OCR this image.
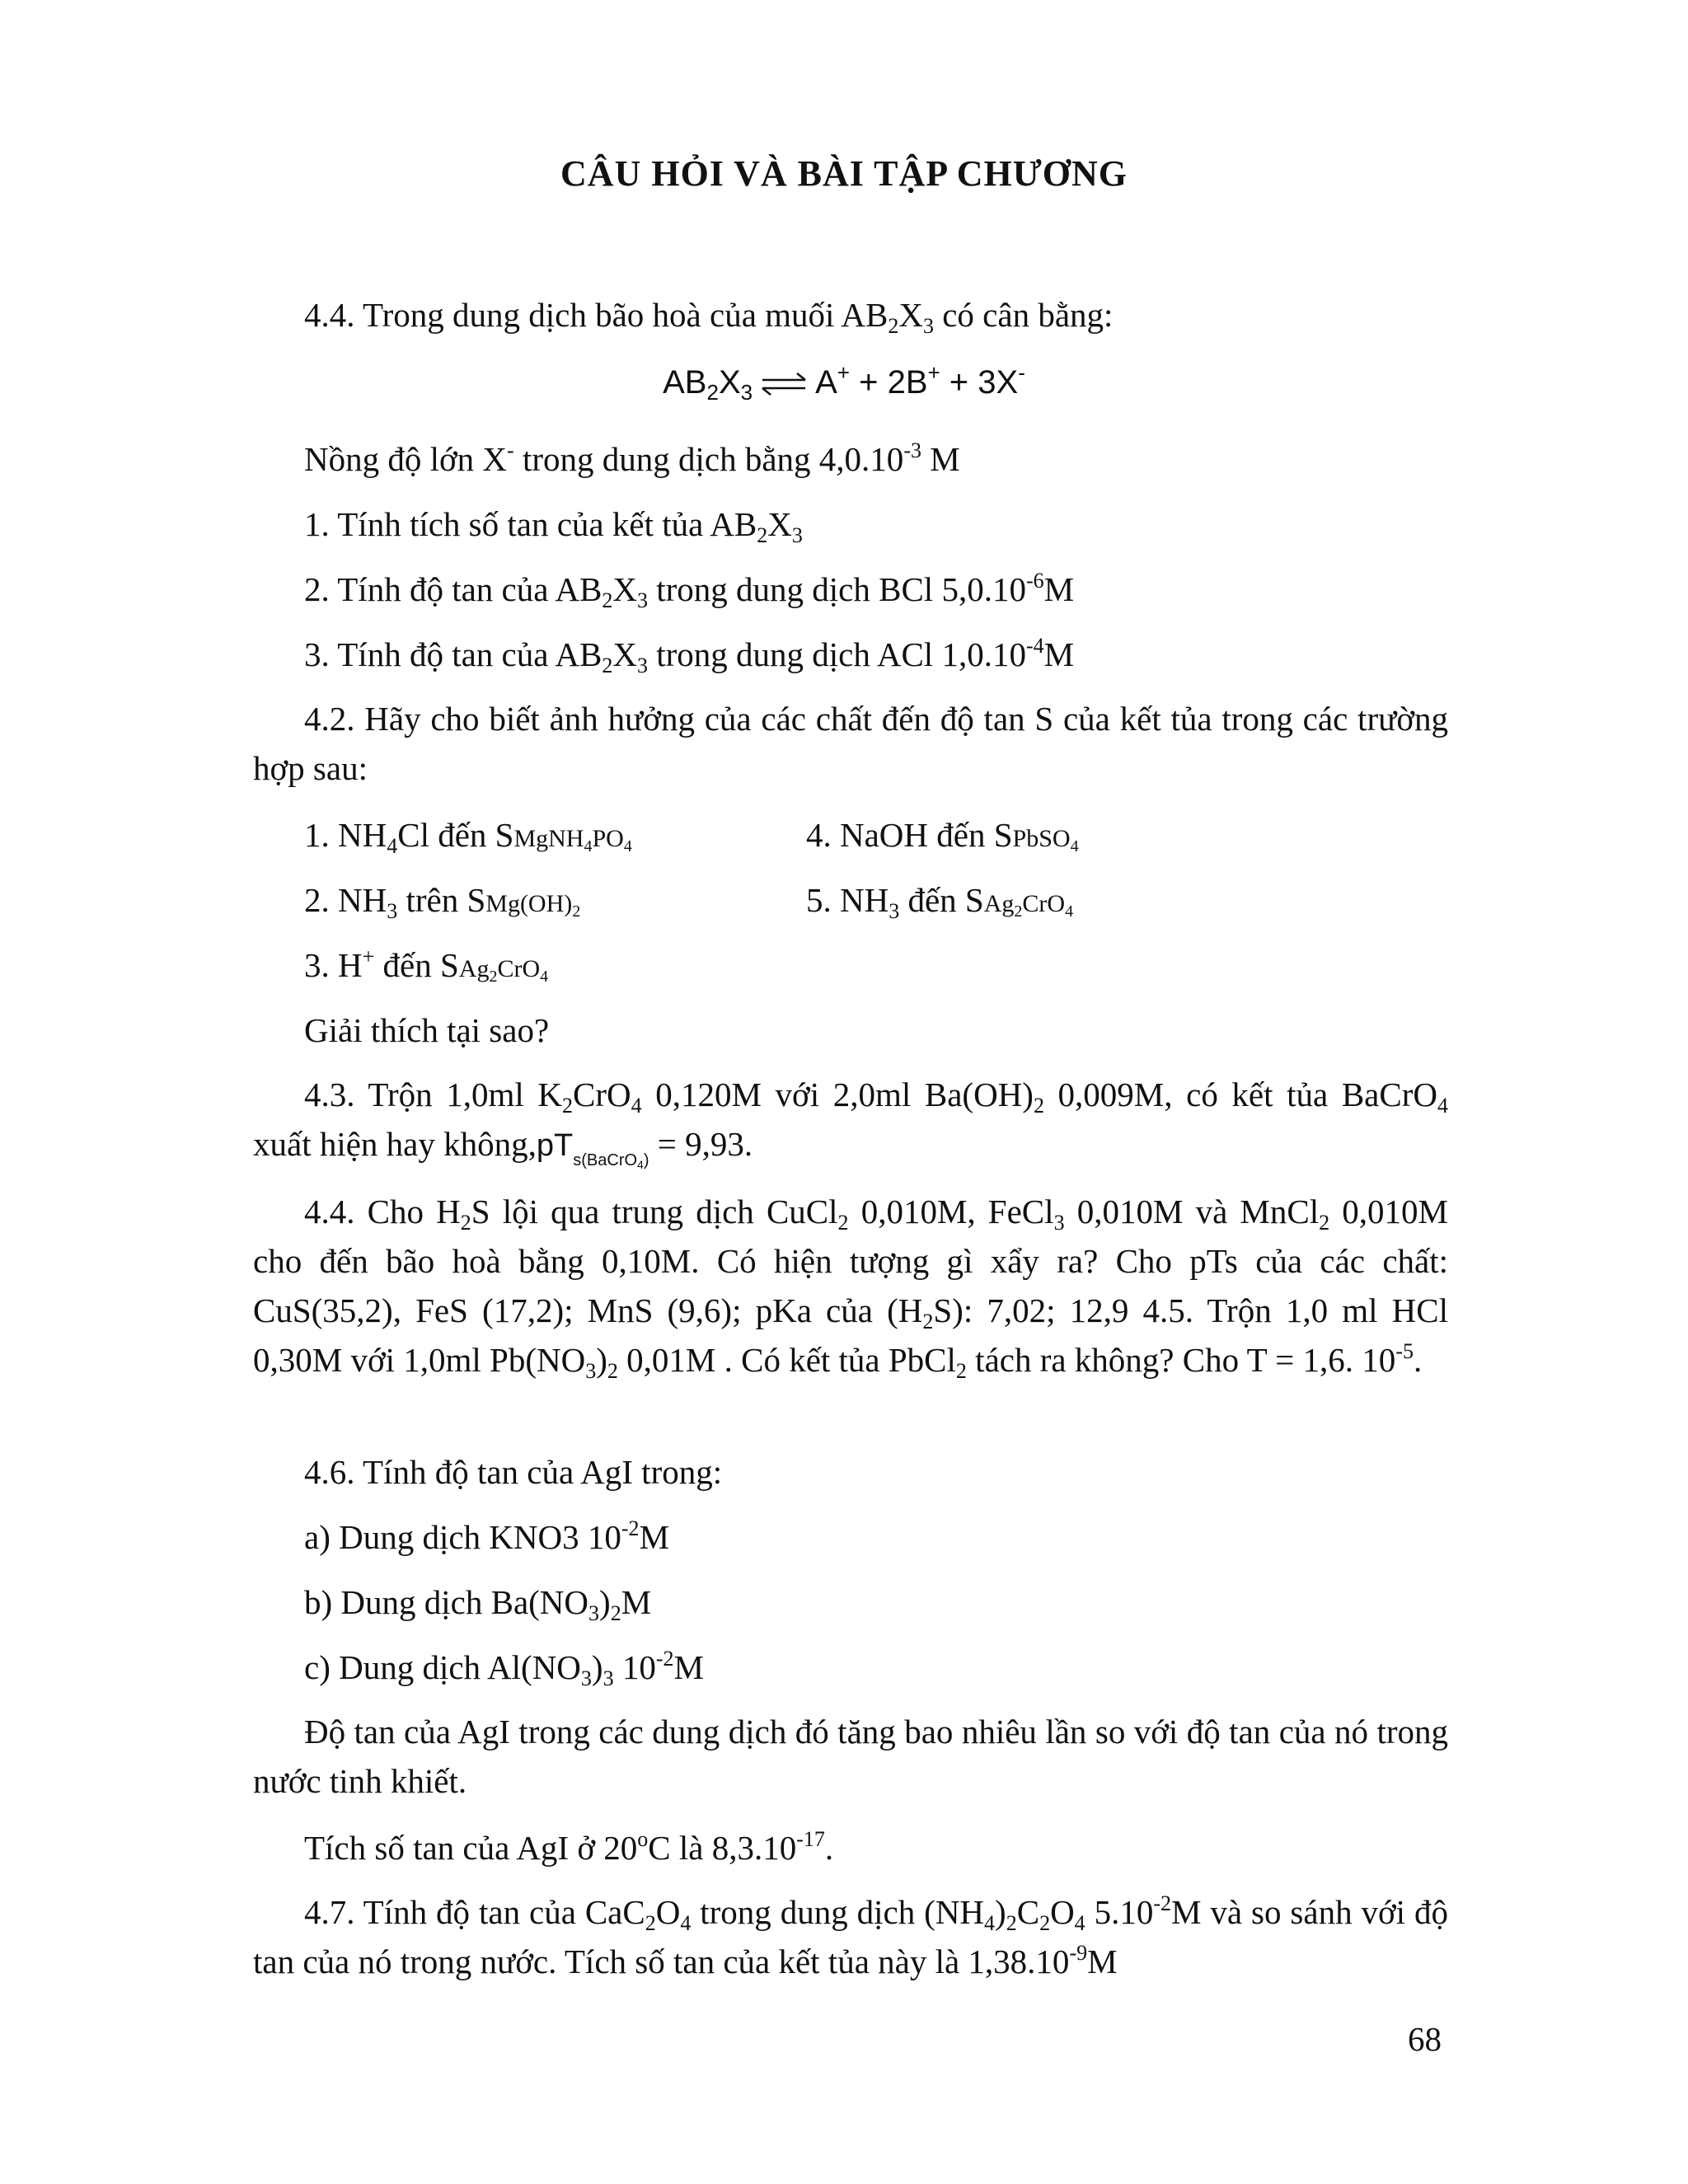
CÂU HỎI VÀ BÀI TẬP CHƯƠNG
4.4. Trong dung dịch bão hoà của muối $AB_2X_3$ có cân bằng:
$AB_2X_3$ ⇌ A+ + 2B+ + 3X-
Nồng độ lớn X- trong dung dịch bằng $4,0.10^{-3}$ M
1. Tính tích số tan của kết tủa $AB_2X_3$
2. Tính độ tan của $AB_2X_3$ trong dung dịch BCl $5,0.10^{-6}M$
3. Tính độ tan của $AB_2X_3$ trong dung dịch ACl $1,0.10^{-4}M$
4.2. Hãy cho biết ảnh hưởng của các chất đến độ tan S của kết tủa trong các trường hợp sau:
1. $NH_4Cl$ đến $SMgNH_4PO_4$	4. NaOH đến SPbSO$_4$
2. $NH_3$ trên $SMg(OH)_2$	5. $NH_3$ đến SAg$_2$CrO$_4$
3. H+ đến SAg$_2$CrO$_4$
Giải thích tại sao?
4.3. Trộn 1,0ml $K_2CrO_4$ 0,120M với 2,0ml $Ba(OH)_2$ 0,009M, có kết tủa BaCrO$_4$ xuất hiện hay $không,pT_{s(BaCrO_4)} = 9,93$.
4.4. Cho $H_2S$ lội qua trung dịch CuCl$_2$ 0,010M, FeCl$_3$ 0,010M và MnCl$_2$ 0,010M cho đến bão hoà bằng 0,10M. Có hiện tượng gì xẩy ra? Cho pTs của các chất: CuS(35,2), FeS (17,2); MnS (9,6); pKa của $(H_2S)$: 7,02; 12,9 4.5. Trộn 1,0 ml HCl 0,30M với 1,0ml $Pb(NO_3)_2$ 0,01M . Có kết tủa PbCl$_2$ tách ra không? Cho T = 1,6. $10^{-5}$.
4.6. Tính độ tan của AgI trong:
a) Dung dịch KNO3 $10^{-2}M$
b) Dung dịch $Ba(NO_3)_2M$
c) Dung dịch $Al(NO_3)_3$ $10^{-2}M$
Độ tan của AgI trong các dung dịch đó tăng bao nhiêu lần so với độ tan của nó trong nước tinh khiết.
Tích số tan của AgI ở 20$^o$C là $8,3.10^{-17}$.
4.7. Tính độ tan của $CaC_2O_4$ trong dung dịch $(NH_4)_2C_2O_4$ $5.10^{-2}M$ và so sánh với độ tan của nó trong nước. Tích số tan của kết tủa này là $1,38.10^{-9}M$
68
